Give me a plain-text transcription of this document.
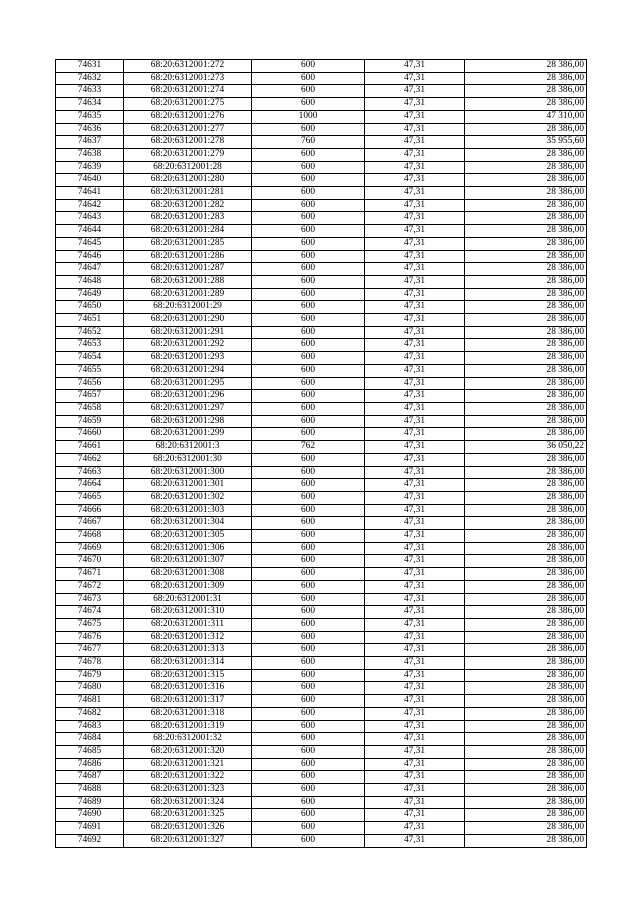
74631	68:20:6312001:272	600	47,31	28 386,00
74632	68:20:6312001:273	600	47,31	28 386,00
74633	68:20:6312001:274	600	47,31	28 386,00
74634	68:20:6312001:275	600	47,31	28 386,00
74635	68:20:6312001:276	1000	47,31	47 310,00
74636	68:20:6312001:277	600	47,31	28 386,00
74637	68:20:6312001:278	760	47,31	35 955,60
74638	68:20:6312001:279	600	47,31	28 386,00
74639	68:20:6312001:28	600	47,31	28 386,00
74640	68:20:6312001:280	600	47,31	28 386,00
74641	68:20:6312001:281	600	47,31	28 386,00
74642	68:20:6312001:282	600	47,31	28 386,00
74643	68:20:6312001:283	600	47,31	28 386,00
74644	68:20:6312001:284	600	47,31	28 386,00
74645	68:20:6312001:285	600	47,31	28 386,00
74646	68:20:6312001:286	600	47,31	28 386,00
74647	68:20:6312001:287	600	47,31	28 386,00
74648	68:20:6312001:288	600	47,31	28 386,00
74649	68:20:6312001:289	600	47,31	28 386,00
74650	68:20:6312001:29	600	47,31	28 386,00
74651	68:20:6312001:290	600	47,31	28 386,00
74652	68:20:6312001:291	600	47,31	28 386,00
74653	68:20:6312001:292	600	47,31	28 386,00
74654	68:20:6312001:293	600	47,31	28 386,00
74655	68:20:6312001:294	600	47,31	28 386,00
74656	68:20:6312001:295	600	47,31	28 386,00
74657	68:20:6312001:296	600	47,31	28 386,00
74658	68:20:6312001:297	600	47,31	28 386,00
74659	68:20:6312001:298	600	47,31	28 386,00
74660	68:20:6312001:299	600	47,31	28 386,00
74661	68:20:6312001:3	762	47,31	36 050,22
74662	68:20:6312001:30	600	47,31	28 386,00
74663	68:20:6312001:300	600	47,31	28 386,00
74664	68:20:6312001:301	600	47,31	28 386,00
74665	68:20:6312001:302	600	47,31	28 386,00
74666	68:20:6312001:303	600	47,31	28 386,00
74667	68:20:6312001:304	600	47,31	28 386,00
74668	68:20:6312001:305	600	47,31	28 386,00
74669	68:20:6312001:306	600	47,31	28 386,00
74670	68:20:6312001:307	600	47,31	28 386,00
74671	68:20:6312001:308	600	47,31	28 386,00
74672	68:20:6312001:309	600	47,31	28 386,00
74673	68:20:6312001:31	600	47,31	28 386,00
74674	68:20:6312001:310	600	47,31	28 386,00
74675	68:20:6312001:311	600	47,31	28 386,00
74676	68:20:6312001:312	600	47,31	28 386,00
74677	68:20:6312001:313	600	47,31	28 386,00
74678	68:20:6312001:314	600	47,31	28 386,00
74679	68:20:6312001:315	600	47,31	28 386,00
74680	68:20:6312001:316	600	47,31	28 386,00
74681	68:20:6312001:317	600	47,31	28 386,00
74682	68:20:6312001:318	600	47,31	28 386,00
74683	68:20:6312001:319	600	47,31	28 386,00
74684	68:20:6312001:32	600	47,31	28 386,00
74685	68:20:6312001:320	600	47,31	28 386,00
74686	68:20:6312001:321	600	47,31	28 386,00
74687	68:20:6312001:322	600	47,31	28 386,00
74688	68:20:6312001:323	600	47,31	28 386,00
74689	68:20:6312001:324	600	47,31	28 386,00
74690	68:20:6312001:325	600	47,31	28 386,00
74691	68:20:6312001:326	600	47,31	28 386,00
74692	68:20:6312001:327	600	47,31	28 386,00
